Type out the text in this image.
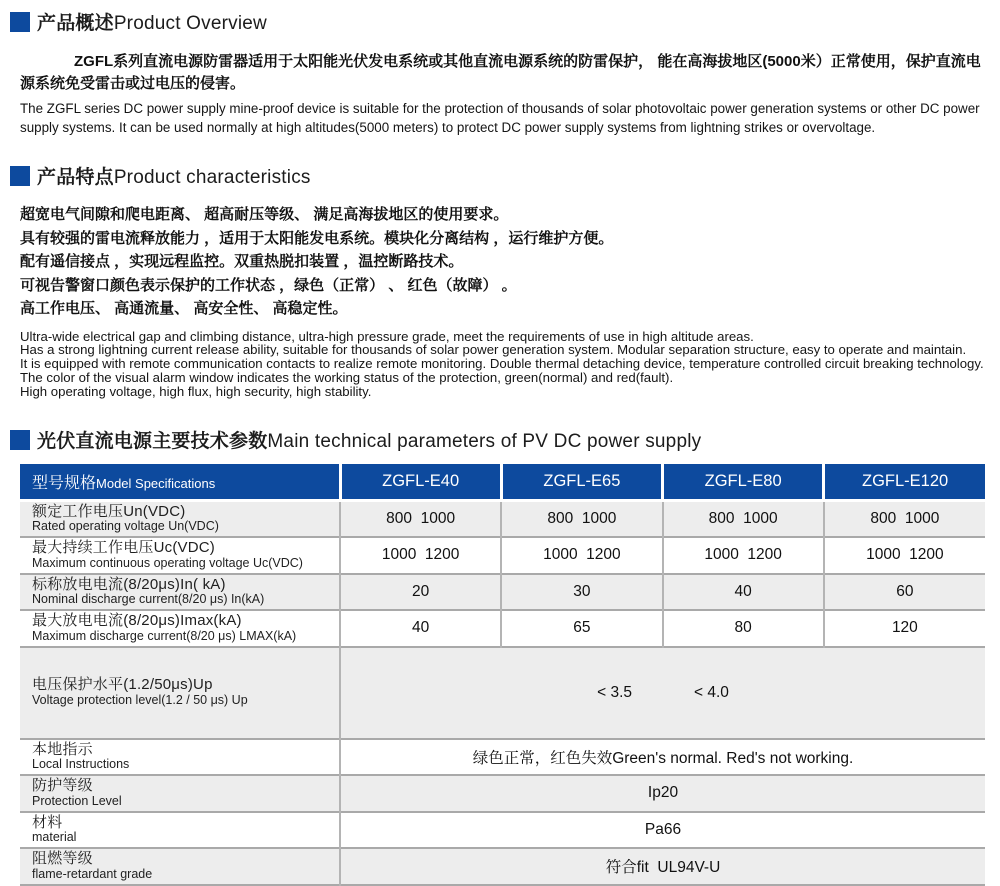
产品概述Product Overview

ZGFL系列直流电源防雷器适用于太阳能光伏发电系统或其他直流电源系统的防雷保护， 能在高海拔地区(5000米）正常使用，保护直流电源系统免受雷击或过电压的侵害。

The ZGFL series DC power supply mine-proof device is suitable for the protection of thousands of solar photovoltaic power generation systems or other DC power supply systems. It can be used normally at high altitudes(5000 meters) to protect DC power supply systems from lightning strikes or overvoltage.

产品特点Product characteristics
超宽电气间隙和爬电距离、 超高耐压等级、 满足高海拔地区的使用要求。
具有较强的雷电流释放能力 ，适用于太阳能发电系统。模块化分离结构 ，运行维护方便。
配有遥信接点 ，实现远程监控。双重热脱扣装置 ，温控断路技术。
可视告警窗口颜色表示保护的工作状态 ，绿色（正常） 、 红色（故障） 。
高工作电压、 高通流量、 高安全性、 高稳定性。
Ultra-wide electrical gap and climbing distance, ultra-high pressure grade, meet the requirements of use in high altitude areas.
Has a strong lightning current release ability, suitable for thousands of solar power generation system. Modular separation structure, easy to operate and maintain.
It is equipped with remote communication contacts to realize remote monitoring. Double thermal detaching device, temperature controlled circuit breaking technology.
The color of the visual alarm window indicates the working status of the protection, green(normal) and red(fault).
High operating voltage, high flux, high security, high stability.
光伏直流电源主要技术参数Main technical parameters of PV DC power supply
型号规格Model Specifications	ZGFL-E40	ZGFL-E65	ZGFL-E80	ZGFL-E120

额定工作电压Un(VDC)
Rated operating voltage Un(VDC)	800  1000	800  1000	800  1000	800  1000

最大持续工作电压Uc(VDC)
Maximum continuous operating voltage Uc(VDC)	1000  1200	1000  1200	1000  1200	1000  1200

标称放电电流(8/20μs)In( kA)
Nominal discharge current(8/20 μs) In(kA)	20	30	40	60

最大放电电流(8/20μs)Imax(kA)
Maximum discharge current(8/20 μs) LMAX(kA)	40	65	80	120

电压保护水平(1.2/50μs)Up
Voltage protection level(1.2 / 50 μs) Up	< 3.5	< 4.0

本地指示
Local Instructions	绿色正常，红色失效Green's normal. Red's not working.			

防护等级
Protection Level	Ip20			

材料
material	Pa66			

阻燃等级
flame-retardant grade	符合fit  UL94V-U			
